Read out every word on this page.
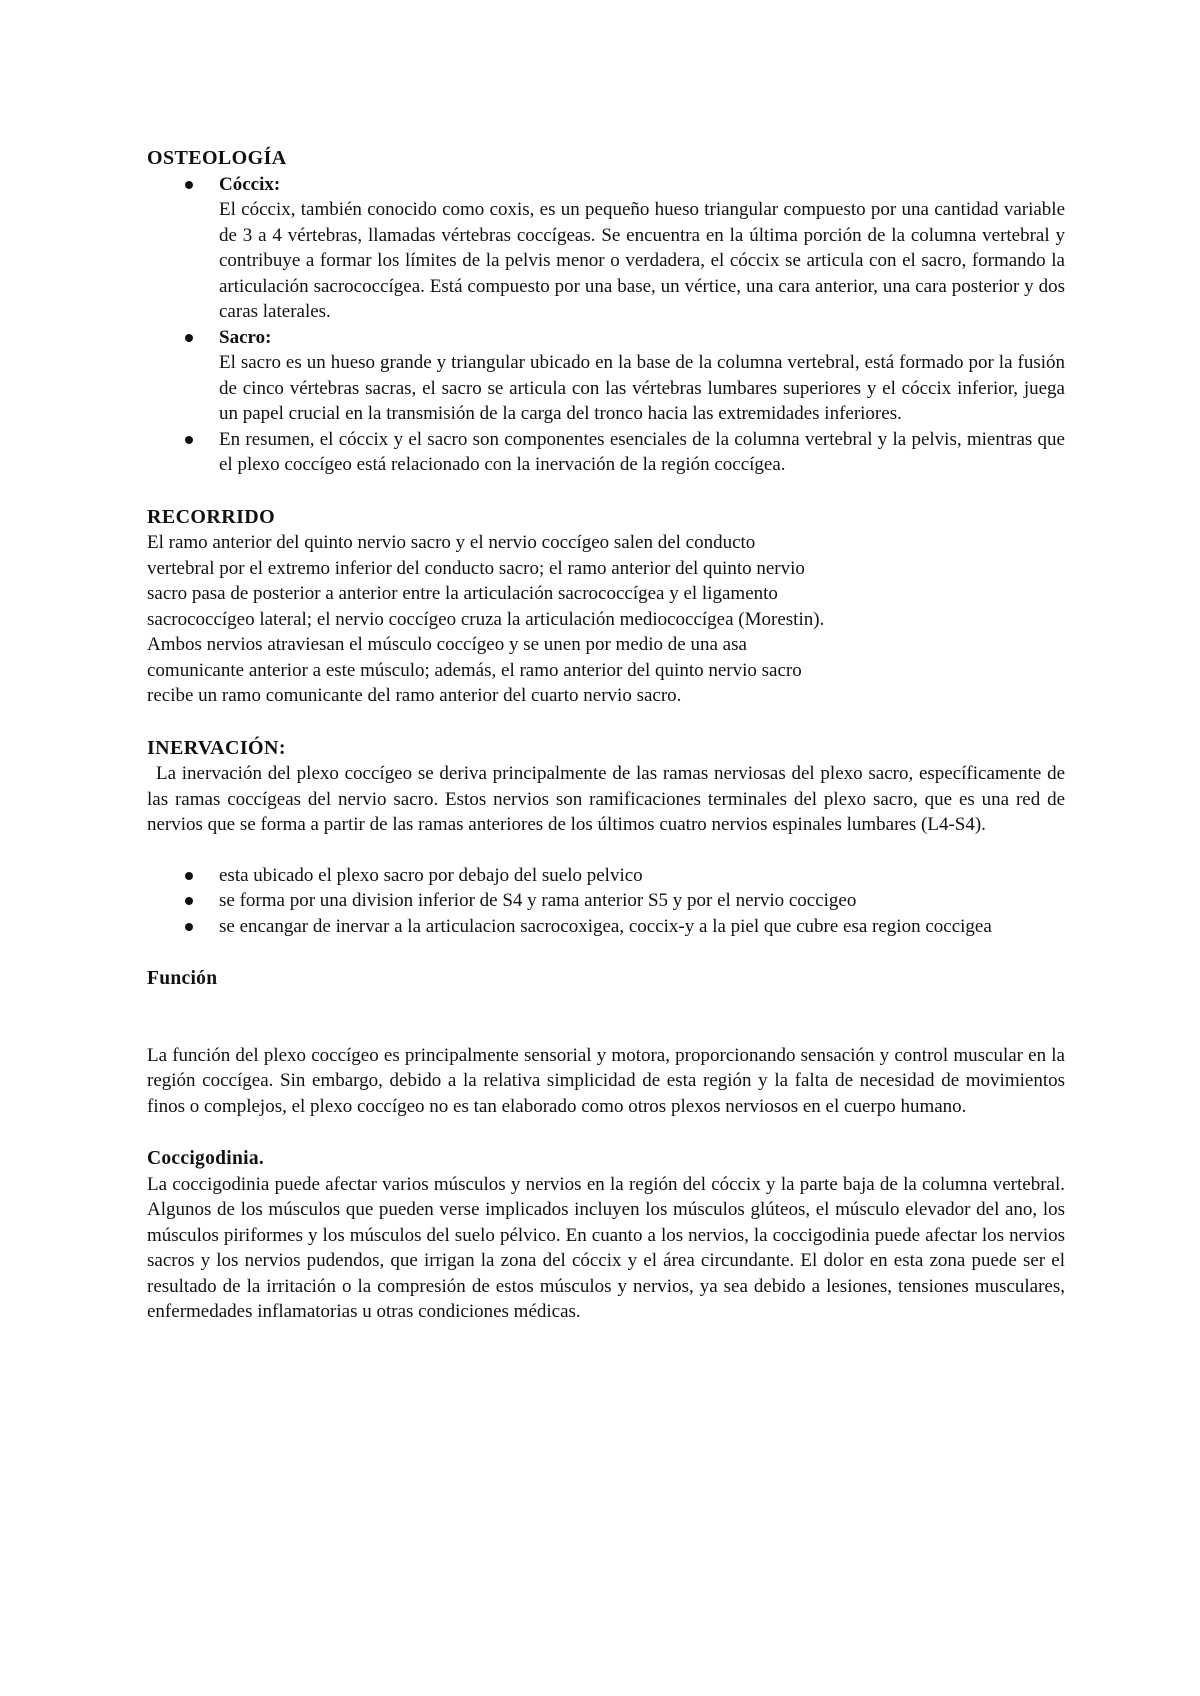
OSTEOLOGÍA

Cóccix:
El cóccix, también conocido como coxis, es un pequeño hueso triangular compuesto por una cantidad variable de 3 a 4 vértebras, llamadas vértebras coccígeas. Se encuentra en la última porción de la columna vertebral y contribuye a formar los límites de la pelvis menor o verdadera, el cóccix se articula con el sacro, formando la articulación sacrococcígea. Está compuesto por una base, un vértice, una cara anterior, una cara posterior y dos caras laterales.
Sacro:
El sacro es un hueso grande y triangular ubicado en la base de la columna vertebral, está formado por la fusión de cinco vértebras sacras, el sacro se articula con las vértebras lumbares superiores y el cóccix inferior, juega un papel crucial en la transmisión de la carga del tronco hacia las extremidades inferiores.
En resumen, el cóccix y el sacro son componentes esenciales de la columna vertebral y la pelvis, mientras que el plexo coccígeo está relacionado con la inervación de la región coccígea.

RECORRIDO

El ramo anterior del quinto nervio sacro y el nervio coccígeo salen del conducto
vertebral por el extremo inferior del conducto sacro; el ramo anterior del quinto nervio
sacro pasa de posterior a anterior entre la articulación sacrococcígea y el ligamento
sacrococcígeo lateral; el nervio coccígeo cruza la articulación mediococcígea (Morestin).
Ambos nervios atraviesan el músculo coccígeo y se unen por medio de una asa
comunicante anterior a este músculo; además, el ramo anterior del quinto nervio sacro
recibe un ramo comunicante del ramo anterior del cuarto nervio sacro.

INERVACIÓN:

La inervación del plexo coccígeo se deriva principalmente de las ramas nerviosas del plexo sacro, específicamente de las ramas coccígeas del nervio sacro. Estos nervios son ramificaciones terminales del plexo sacro, que es una red de nervios que se forma a partir de las ramas anteriores de los últimos cuatro nervios espinales lumbares (L4-S4).

esta ubicado el plexo sacro por debajo del suelo pelvico
se forma por una division inferior de S4 y rama anterior S5 y por el nervio coccigeo
se encangar de inervar a la articulacion sacrocoxigea, coccix-y a la piel que cubre esa region coccigea

Función

La función del plexo coccígeo es principalmente sensorial y motora, proporcionando sensación y control muscular en la región coccígea. Sin embargo, debido a la relativa simplicidad de esta región y la falta de necesidad de movimientos finos o complejos, el plexo coccígeo no es tan elaborado como otros plexos nerviosos en el cuerpo humano.

Coccigodinia.

La coccigodinia puede afectar varios músculos y nervios en la región del cóccix y la parte baja de la columna vertebral. Algunos de los músculos que pueden verse implicados incluyen los músculos glúteos, el músculo elevador del ano, los músculos piriformes y los músculos del suelo pélvico. En cuanto a los nervios, la coccigodinia puede afectar los nervios sacros y los nervios pudendos, que irrigan la zona del cóccix y el área circundante. El dolor en esta zona puede ser el resultado de la irritación o la compresión de estos músculos y nervios, ya sea debido a lesiones, tensiones musculares, enfermedades inflamatorias u otras condiciones médicas.
